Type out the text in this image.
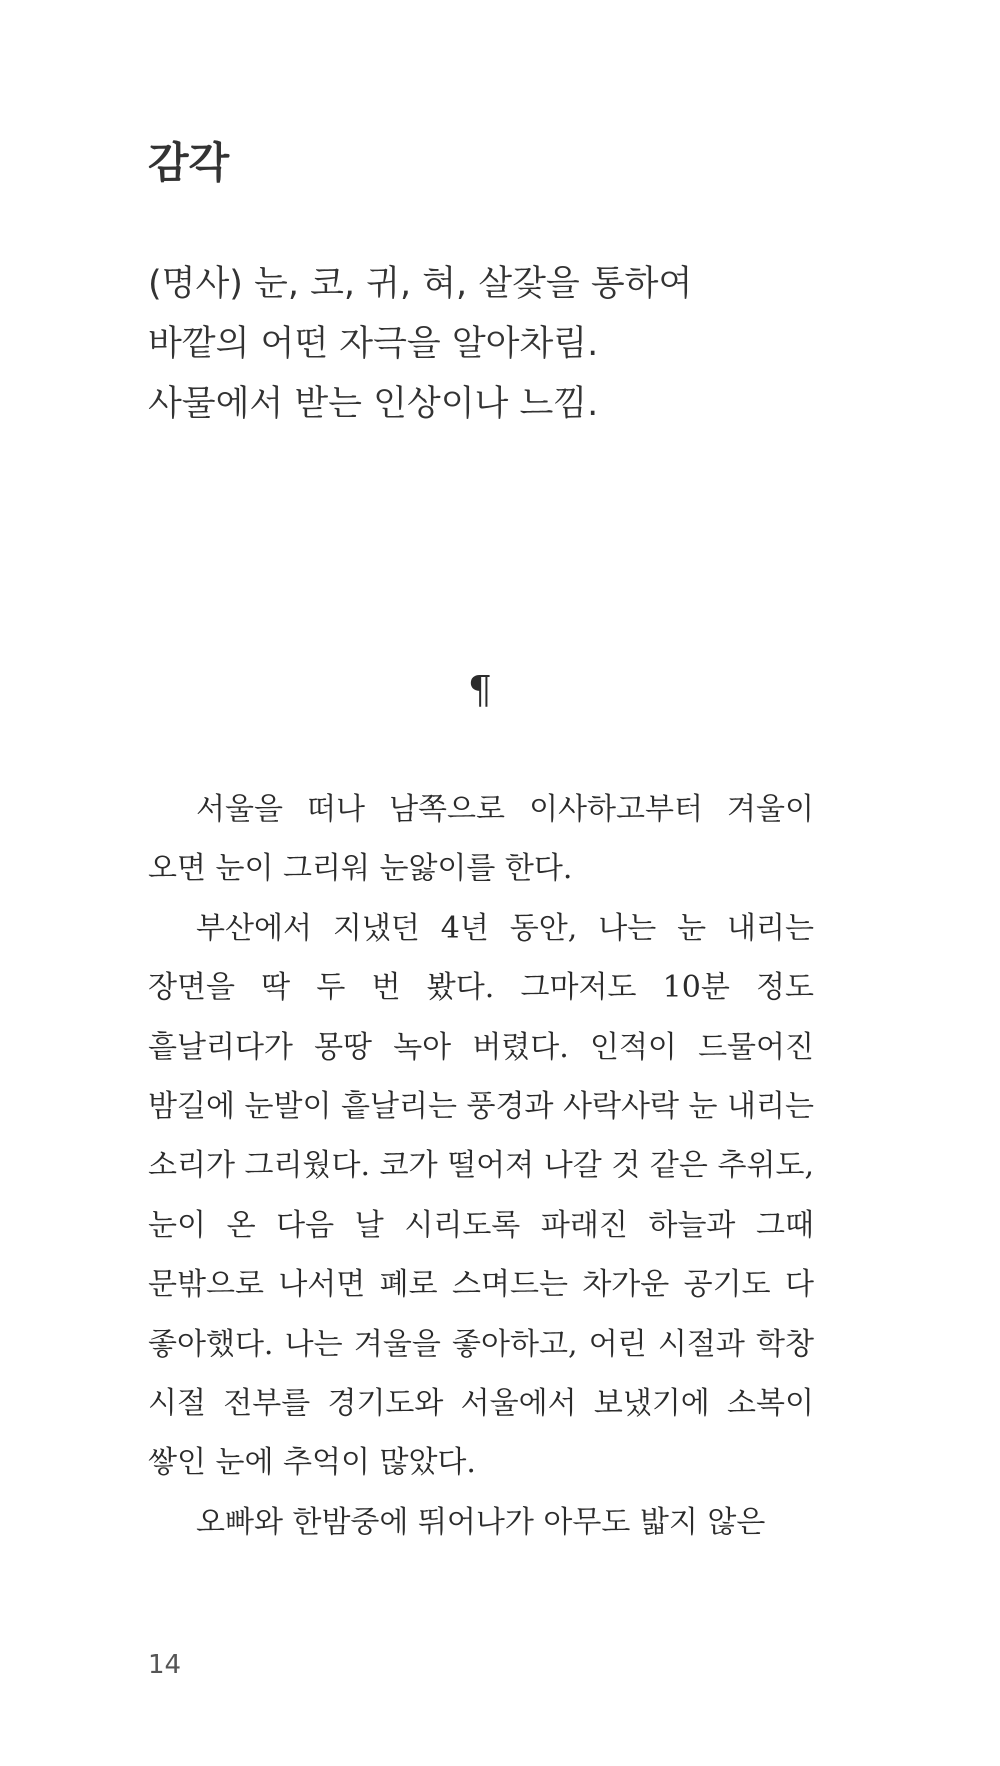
감각
(명사) 눈, 코, 귀, 혀, 살갗을 통하여
바깥의 어떤 자극을 알아차림.
사물에서 받는 인상이나 느낌.
¶

서울을 떠나 남쪽으로 이사하고부터 겨울이 오면 눈이 그리워 눈앓이를 한다.

부산에서 지냈던 4년 동안, 나는 눈 내리는 장면을 딱 두 번 봤다. 그마저도 10분 정도 흩날리다가 몽땅 녹아 버렸다. 인적이 드물어진 밤길에 눈발이 흩날리는 풍경과 사락사락 눈 내리는 소리가 그리웠다. 코가 떨어져 나갈 것 같은 추위도, 눈이 온 다음 날 시리도록 파래진 하늘과 그때 문밖으로 나서면 폐로 스며드는 차가운 공기도 다 좋아했다. 나는 겨울을 좋아하고, 어린 시절과 학창 시절 전부를 경기도와 서울에서 보냈기에 소복이 쌓인 눈에 추억이 많았다.

오빠와 한밤중에 뛰어나가 아무도 밟지 않은

14
